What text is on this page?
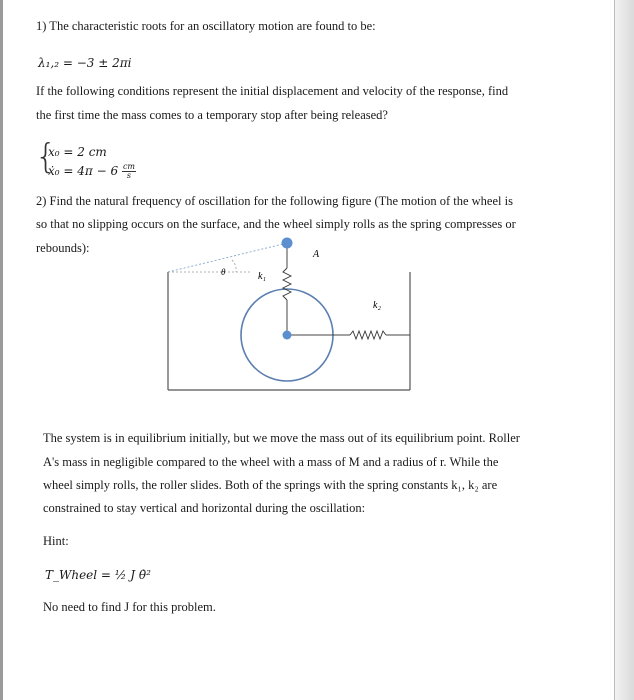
1) The characteristic roots for an oscillatory motion are found to be:
λ₁,₂ = −3 ± 2πi
If the following conditions represent the initial displacement and velocity of the response, find
the first time the mass comes to a temporary stop after being released?
{
x₀ = 2 cm
ẋ₀ = $4\pi - 6 \frac{cm}{s}$
2) Find the natural frequency of oscillation for the following figure (The motion of the wheel is
so that no slipping occurs on the surface, and the wheel simply rolls as the spring compresses or
rebounds):
θ	k₁
k₂
A
The system is in equilibrium initially, but we move the mass out of its equilibrium point. Roller
A's mass in negligible compared to the wheel with a mass of M and a radius of r. While the
wheel simply rolls, the roller slides. Both of the springs with the spring constants k₁, k₂ are
constrained to stay vertical and horizontal during the oscillation:
Hint:
T_Wheel = ½ J θ̇²
No need to find J for this problem.
